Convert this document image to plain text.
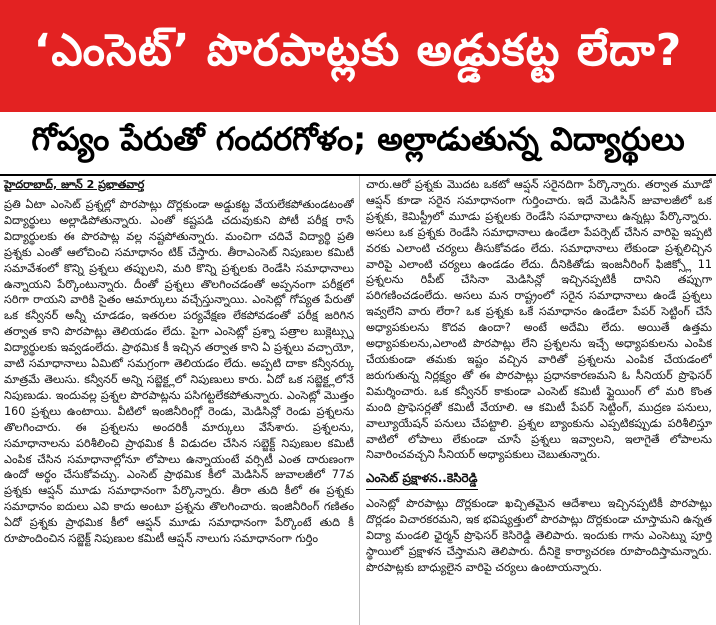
‘ఎంసెట్’ పొరపాట్లకు అడ్డుకట్ట లేదా?
గోప్యం పేరుతో గందరగోళం; అల్లాడుతున్న విద్యార్థులు
హైదరాబాద్, జూన్ 2 ప్రభాతవార్త

ప్రతి ఏటా ఎంసెట్ ప్రశ్నల్లో పొరపాట్లు దొర్లకుండా అడ్డుకట్ట వేయలేకపోతుండటంతో విద్యార్థులు అల్లాడిపోతున్నారు. ఎంతో కష్టపడి చదువుకుని పోటీ పరీక్ష రాసే విద్యార్థులకు ఈ పొరపాట్ల వల్ల నష్టపోతున్నారు. మంచిగా చదివే విద్యార్థి ప్రతి ప్రశ్నకు ఎంతో ఆలోచించి సమాధానం టిక్ చేస్తారు. తీరాఎంసెట్ నిపుణుల కమిటీ సమావేశంలో కొన్ని ప్రశ్నలు తప్పులని, మరి కొన్ని ప్రశ్నలకు రెండేసి సమాధానాలు ఉన్నాయని పేర్కొంటున్నారు. దీంతో ప్రశ్నలు తొలగించడంతో అప్పనంగా పరీక్షలో సరిగా రాయని వారికి సైతం ఆమార్కులు వచ్చేస్తున్నాయి. ఎంసెట్లో గోప్యత పేరుతో ఒక కన్వీనర్ అన్నీ చూడడం, ఇతరుల పర్యవేక్షణ లేకపోవడంతో పరీక్ష జరిగిన తర్వాత కాని పొరపాట్లు తెలియడం లేదు. పైగా ఎంసెట్లో ప్రశ్నా పత్రాల బుక్లెట్స్ను విద్యార్థులకు ఇవ్వడంలేదు. ప్రాథమిక కీ ఇచ్చిన తర్వాత కాని ఏ ప్రశ్నలు వచ్చాయో, వాటి సమాధానాలు ఏమిటో సమగ్రంగా తెలియడం లేదు. అప్పటి దాకా కన్వీనర్కు మాత్రమే తెలుసు. కన్వీనర్ అన్ని సబ్జెక్ట్లలో నిపుణులు కారు. ఏదో ఒక సబ్జెక్ట్లలోనే నిపుణుడు. ఇందువల్ల ప్రశ్నల పొరపాట్లను పసిగట్టలేకపోతున్నారు. ఎంసెట్లో మొత్తం 160 ప్రశ్నలు ఉంటాయి. వీటిలో ఇంజినీరింగ్లో రెండు, మెడిసిన్లో రెండు ప్రశ్నలను తొలగించారు. ఈ ప్రశ్నలను అందరికీ మార్కులు వేసేశారు. ప్రశ్నలను, సమాధానాలను పరిశీలించి ప్రాథమిక కీ విడుదల చేసిన సబ్జెక్ట్ నిపుణుల కమిటీ ఎంపిక చేసిన సమాధానాల్లోనూ లోపాలు ఉన్నాయంటే వర్సిటీ ఎంత దారుణంగా ఉందో అర్థం చేసుకోవచ్చు. ఎంసెట్ ప్రాథమిక కీలో మెడిసిన్ జువాలజీలో 77వ ప్రశ్నకు ఆప్షన్ మూడు సమాధానంగా పేర్కొన్నారు. తీరా తుది కీలో ఈ ప్రశ్నకు సమాధానం ఐదులు ఎవి కాదు అంటూ ప్రశ్నను తొలగించారు. ఇంజినీరింగ్ గణితం ఏదో ప్రశ్నకు ప్రాథమిక కీలో ఆప్షన్ మూడు సమాధానంగా పేర్కొంటే తుది కీ రూపొందించిన సబ్జెక్ట్ నిపుణుల కమిటీ ఆప్షన్ నాలుగు సమాధానంగా గుర్తిం

చారు.ఆరో ప్రశ్నకు మొదట ఒకటో ఆప్షన్ సరైనదిగా పేర్కొన్నారు. తర్వాత మూడో ఆప్షన్ కూడా సరైన సమాధానంగా గుర్తించారు. ఇదే మెడిసిన్ జువాలజీలో ఒక ప్రశ్నకు, కెమిస్ట్రీలో మూడు ప్రశ్నలకు రెండేసి సమాధానాలు ఉన్నట్లు పేర్కొన్నారు. అసలు ఒక ప్రశ్నకు రెండేసి సమాధానాలు ఉండేలా పేపర్సెట్ చేసిన వారిపై ఇప్పటి వరకు ఎలాంటి చర్యలు తీసుకోవడం లేదు. సమాధానాలు లేకుండా ప్రశ్నలిచ్చిన వారిపై ఎలాంటి చర్యలు ఉండడం లేదు. దీనికితోడు ఇంజనీరింగ్ ఫిజిక్స్లో 11 ప్రశ్నలను రిపీట్ చేసినా మెడిసిన్లో ఇచ్చినప్పటికీ దానిని తప్పుగా పరిగణించడంలేదు. అసలు మన రాష్ట్రంలో సరైన సమాధానాలు ఉండే ప్రశ్నలు ఇవ్వలేని వారు లేరా? ఒక ప్రశ్నకు ఒకే సమాధానం ఉండేలా పేపర్ సెట్టింగ్ చేసే అధ్యాపకులను కొదవ ఉందా? అంటే అదేమి లేదు. అయితే ఉత్తమ అధ్యాపకులను,ఎలాంటి పొరపాట్లు లేని ప్రశ్నలను ఇచ్చే అధ్యాపకులను ఎంపిక చేయకుండా తమకు ఇష్టం వచ్చిన వారితో ప్రశ్నలను ఎంపిక చేయడంలో జరుగుతున్న నిర్లక్ష్యం తో ఈ పొరపాట్లు ప్రధానకారణమని ఓ సీనియర్ ప్రొఫెసర్ విమర్శించారు. ఒక కన్వీనర్ కాకుండా ఎంసెట్ కమిటీ ఫ్లైయింగ్ లో మరి కొంత మంది ప్రొఫెసర్లతో కమిటీ వేయాలి. ఆ కమిటీ పేపర్ సెట్టింగ్, ముద్రణ పనులు, వాల్యూయేషన్ పనులు చేపట్టాలి. ప్రశ్నల బ్యాంకును ఎప్పటికప్పుడు పరిశీలిస్తూ వాటిలో లోపాలు లేకుండా చూసే ప్రశ్నలు ఇవ్వాలని, ఇలాగైతే లోపాలను నివారించవచ్చని సీనియర్ అధ్యాపకులు చెబుతున్నారు.

ఎంసెట్ ప్రక్షాళన..కెసిరెడ్డి

ఎంసెట్లో పొరపాట్లు దొర్లకుండా ఖచ్చితమైన ఆదేశాలు ఇచ్చినప్పటికీ పొరపాట్లు దొర్లడం విచారకరమని, ఇక భవిష్యత్తులో పొరపాట్లు దొర్లకుండా చూస్తామని ఉన్నత విద్యా మండలి ఛైర్మన్ ప్రొఫెసర్ కెసిరెడ్డి తెలిపారు. ఇందుకు గాను ఎంసెట్ను పూర్తి స్థాయిలో ప్రక్షాళన చేస్తామని తెలిపారు. దీనికై కార్యాచరణ రూపొందిస్తామన్నారు. పొరపాట్లకు బాధ్యులైన వారిపై చర్యలు ఉంటాయన్నారు.
